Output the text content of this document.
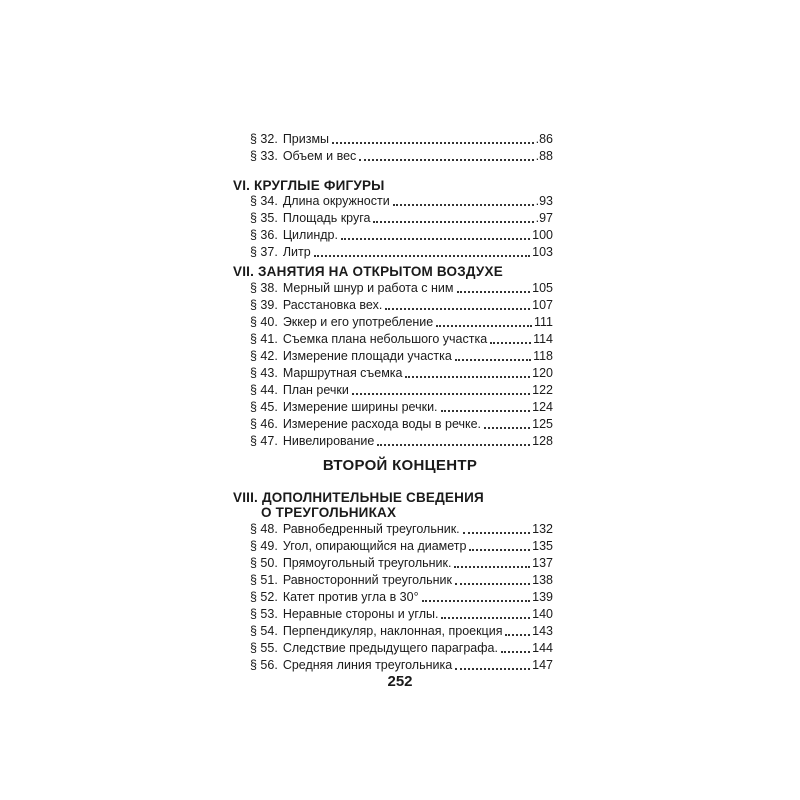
§ 32. Призмы	.86
§ 33. Объем и вес	.88
VI. КРУГЛЫЕ ФИГУРЫ
§ 34. Длина окружности	.93
§ 35. Площадь круга	.97
§ 36. Цилиндр.	100
§ 37. Литр	103
VII. ЗАНЯТИЯ НА ОТКРЫТОМ ВОЗДУХЕ
§ 38. Мерный шнур и работа с ним	105
§ 39. Расстановка вех.	107
§ 40. Эккер и его употребление	111
§ 41. Съемка плана небольшого участка	114
§ 42. Измерение площади участка	118
§ 43. Маршрутная съемка	120
§ 44. План речки	122
§ 45. Измерение ширины речки.	124
§ 46. Измерение расхода воды в речке.	125
§ 47. Нивелирование	128
ВТОРОЙ КОНЦЕНТР
VIII. ДОПОЛНИТЕЛЬНЫЕ СВЕДЕНИЯ
О ТРЕУГОЛЬНИКАХ
§ 48. Равнобедренный треугольник.	132
§ 49. Угол, опирающийся на диаметр	135
§ 50. Прямоугольный треугольник.	137
§ 51. Равносторонний треугольник	138
§ 52. Катет против угла в 30°	139
§ 53. Неравные стороны и углы.	140
§ 54. Перпендикуляр, наклонная, проекция 143
§ 55. Следствие предыдущего параграфа.	144
§ 56. Средняя линия треугольника	147
252
